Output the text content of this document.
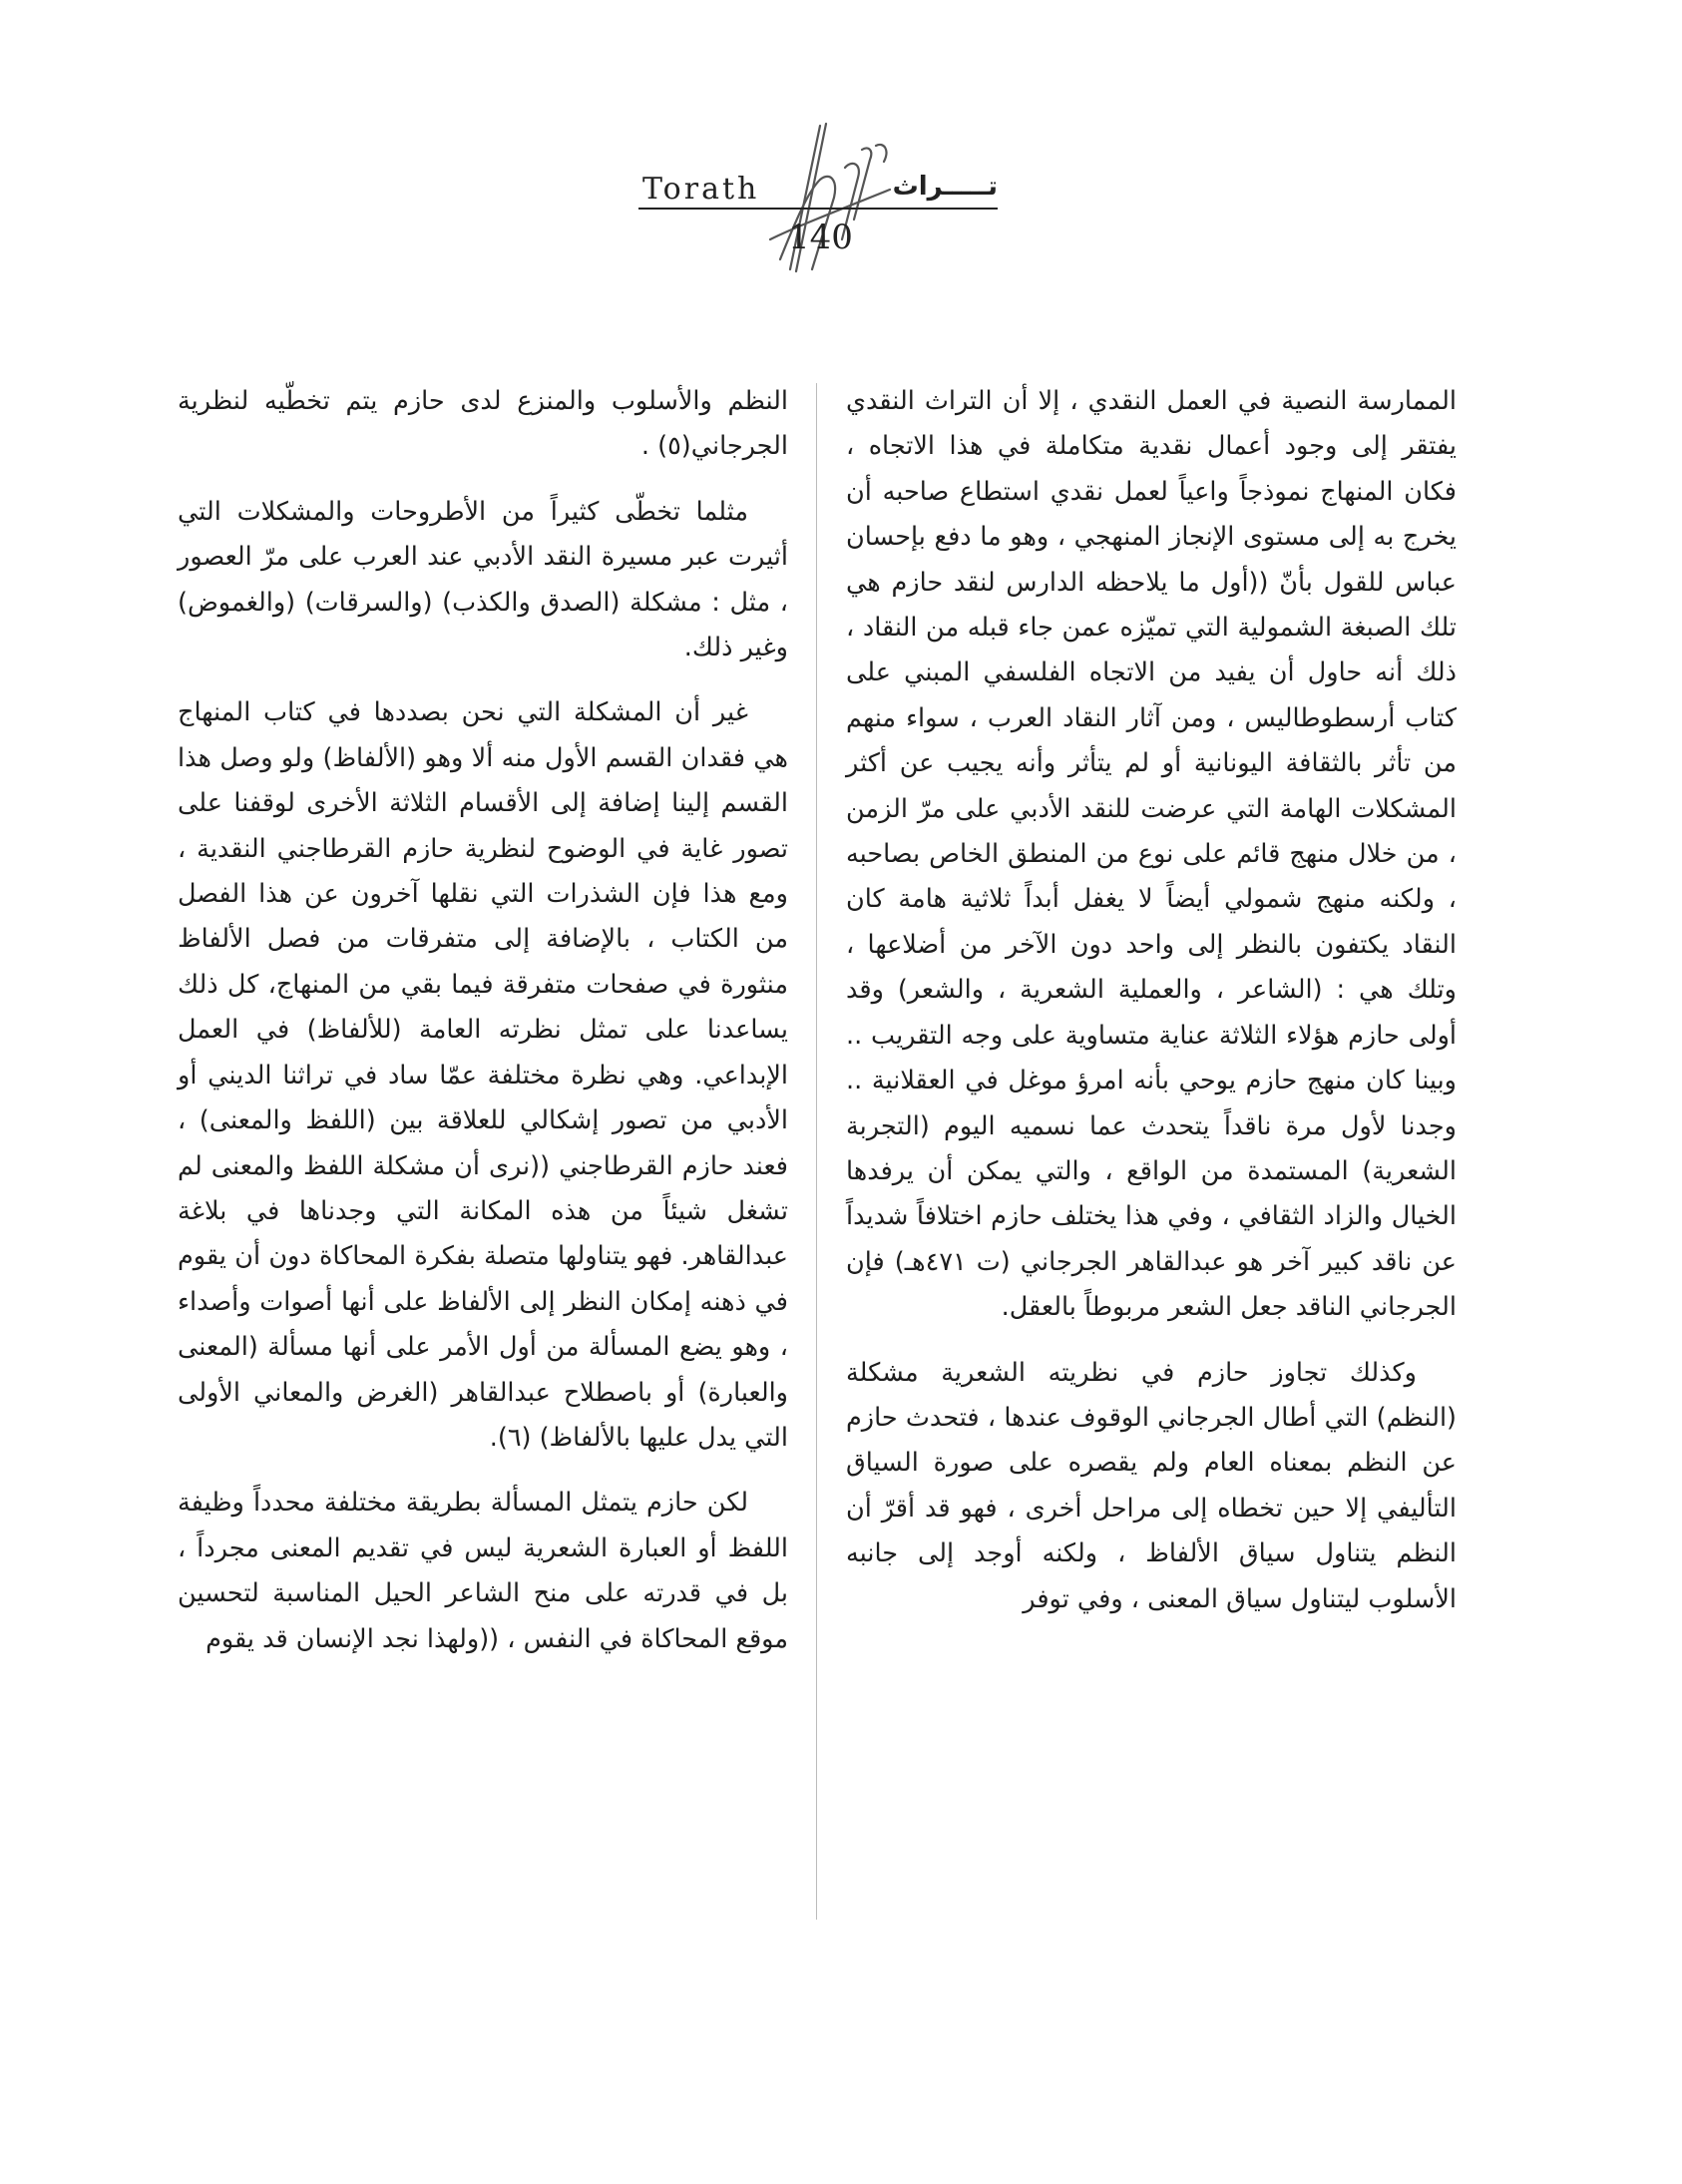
Torath	تـــــراث
140

الممارسة النصية في العمل النقدي ، إلا أن التراث النقدي يفتقر إلى وجود أعمال نقدية متكاملة في هذا الاتجاه ، فكان المنهاج نموذجاً واعياً لعمل نقدي استطاع صاحبه أن يخرج به إلى مستوى الإنجاز المنهجي ، وهو ما دفع بإحسان عباس للقول بأنّ ((أول ما يلاحظه الدارس لنقد حازم هي تلك الصبغة الشمولية التي تميّزه عمن جاء قبله من النقاد ، ذلك أنه حاول أن يفيد من الاتجاه الفلسفي المبني على كتاب أرسطوطاليس ، ومن آثار النقاد العرب ، سواء منهم من تأثر بالثقافة اليونانية أو لم يتأثر وأنه يجيب عن أكثر المشكلات الهامة التي عرضت للنقد الأدبي على مرّ الزمن ، من خلال منهج قائم على نوع من المنطق الخاص بصاحبه ، ولكنه منهج شمولي أيضاً لا يغفل أبداً ثلاثية هامة كان النقاد يكتفون بالنظر إلى واحد دون الآخر من أضلاعها ، وتلك هي : (الشاعر ، والعملية الشعرية ، والشعر) وقد أولى حازم هؤلاء الثلاثة عناية متساوية على وجه التقريب .. وبينا كان منهج حازم يوحي بأنه امرؤ موغل في العقلانية .. وجدنا لأول مرة ناقداً يتحدث عما نسميه اليوم (التجربة الشعرية) المستمدة من الواقع ، والتي يمكن أن يرفدها الخيال والزاد الثقافي ، وفي هذا يختلف حازم اختلافاً شديداً عن ناقد كبير آخر هو عبدالقاهر الجرجاني (ت ٤٧١هـ) فإن الجرجاني الناقد جعل الشعر مربوطاً بالعقل.

وكذلك تجاوز حازم في نظريته الشعرية مشكلة (النظم) التي أطال الجرجاني الوقوف عندها ، فتحدث حازم عن النظم بمعناه العام ولم يقصره على صورة السياق التأليفي إلا حين تخطاه إلى مراحل أخرى ، فهو قد أقرّ أن النظم يتناول سياق الألفاظ ، ولكنه أوجد إلى جانبه الأسلوب ليتناول سياق المعنى ، وفي توفر

النظم والأسلوب والمنزع لدى حازم يتم تخطّيه لنظرية الجرجاني(٥) .

مثلما تخطّى كثيراً من الأطروحات والمشكلات التي أثيرت عبر مسيرة النقد الأدبي عند العرب على مرّ العصور ، مثل : مشكلة (الصدق والكذب) (والسرقات) (والغموض) وغير ذلك.

غير أن المشكلة التي نحن بصددها في كتاب المنهاج هي فقدان القسم الأول منه ألا وهو (الألفاظ) ولو وصل هذا القسم إلينا إضافة إلى الأقسام الثلاثة الأخرى لوقفنا على تصور غاية في الوضوح لنظرية حازم القرطاجني النقدية ، ومع هذا فإن الشذرات التي نقلها آخرون عن هذا الفصل من الكتاب ، بالإضافة إلى متفرقات من فصل الألفاظ منثورة في صفحات متفرقة فيما بقي من المنهاج، كل ذلك يساعدنا على تمثل نظرته العامة (للألفاظ) في العمل الإبداعي. وهي نظرة مختلفة عمّا ساد في تراثنا الديني أو الأدبي من تصور إشكالي للعلاقة بين (اللفظ والمعنى) ، فعند حازم القرطاجني ((نرى أن مشكلة اللفظ والمعنى لم تشغل شيئاً من هذه المكانة التي وجدناها في بلاغة عبدالقاهر. فهو يتناولها متصلة بفكرة المحاكاة دون أن يقوم في ذهنه إمكان النظر إلى الألفاظ على أنها أصوات وأصداء ، وهو يضع المسألة من أول الأمر على أنها مسألة (المعنى والعبارة) أو باصطلاح عبدالقاهر (الغرض والمعاني الأولى التي يدل عليها بالألفاظ) (٦).

لكن حازم يتمثل المسألة بطريقة مختلفة محدداً وظيفة اللفظ أو العبارة الشعرية ليس في تقديم المعنى مجرداً ، بل في قدرته على منح الشاعر الحيل المناسبة لتحسين موقع المحاكاة في النفس ، ((ولهذا نجد الإنسان قد يقوم
